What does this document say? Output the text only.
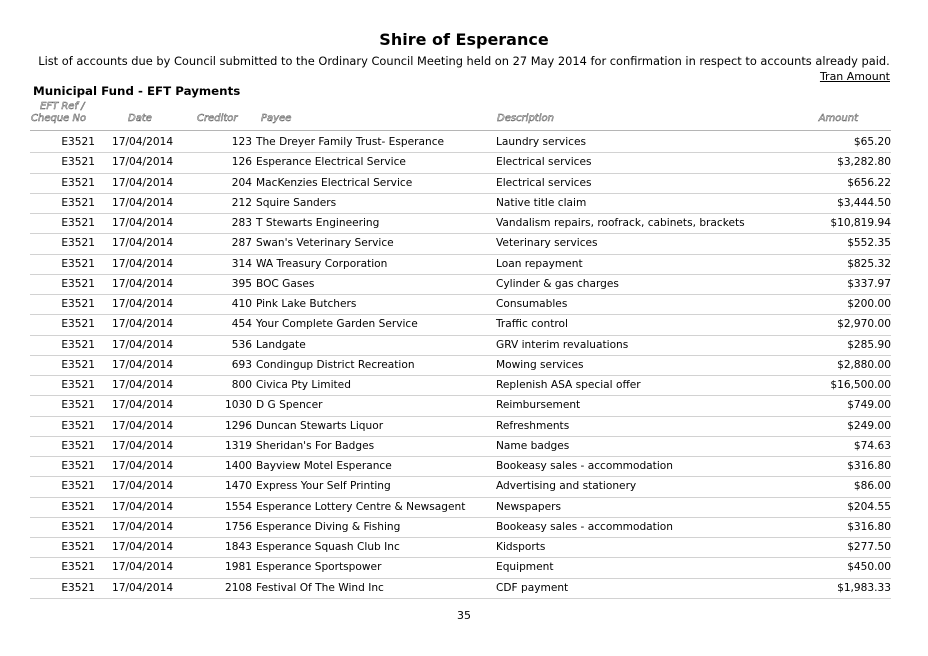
Shire of Esperance
List of accounts due by Council submitted to the Ordinary Council Meeting held on 27 May 2014 for confirmation in respect to accounts already paid.
Tran Amount
Municipal Fund - EFT Payments
EFT Ref /
Cheque No	Date	Creditor Payee	Description	Amount
E3521 17/04/2014	123 The Dreyer Family Trust- Esperance	Laundry services	$65.20
E3521 17/04/2014	126 Esperance Electrical Service	Electrical services	$3,282.80
E3521 17/04/2014	204 MacKenzies Electrical Service	Electrical services	$656.22
E3521 17/04/2014	212 Squire Sanders	Native title claim	$3,444.50
E3521 17/04/2014	283 T Stewarts Engineering	Vandalism repairs, roofrack, cabinets, brackets	$10,819.94
E3521 17/04/2014	287 Swan's Veterinary Service	Veterinary services	$552.35
E3521 17/04/2014	314 WA Treasury Corporation	Loan repayment	$825.32
E3521 17/04/2014	395 BOC Gases	Cylinder & gas charges	$337.97
E3521 17/04/2014	410 Pink Lake Butchers	Consumables	$200.00
E3521 17/04/2014	454 Your Complete Garden Service	Traffic control	$2,970.00
E3521 17/04/2014	536 Landgate	GRV interim revaluations	$285.90
E3521 17/04/2014	693 Condingup District Recreation	Mowing services	$2,880.00
E3521 17/04/2014	800 Civica Pty Limited	Replenish ASA special offer	$16,500.00
E3521 17/04/2014	1030 D G Spencer	Reimbursement	$749.00
E3521 17/04/2014	1296 Duncan Stewarts Liquor	Refreshments	$249.00
E3521 17/04/2014	1319 Sheridan's For Badges	Name badges	$74.63
E3521 17/04/2014	1400 Bayview Motel Esperance	Bookeasy sales - accommodation	$316.80
E3521 17/04/2014	1470 Express Your Self Printing	Advertising and stationery	$86.00
E3521 17/04/2014	1554 Esperance Lottery Centre & Newsagent	Newspapers	$204.55
E3521 17/04/2014	1756 Esperance Diving & Fishing	Bookeasy sales - accommodation	$316.80
E3521 17/04/2014	1843 Esperance Squash Club Inc	Kidsports	$277.50
E3521 17/04/2014	1981 Esperance Sportspower	Equipment	$450.00
E3521 17/04/2014	2108 Festival Of The Wind Inc	CDF payment	$1,983.33
35
